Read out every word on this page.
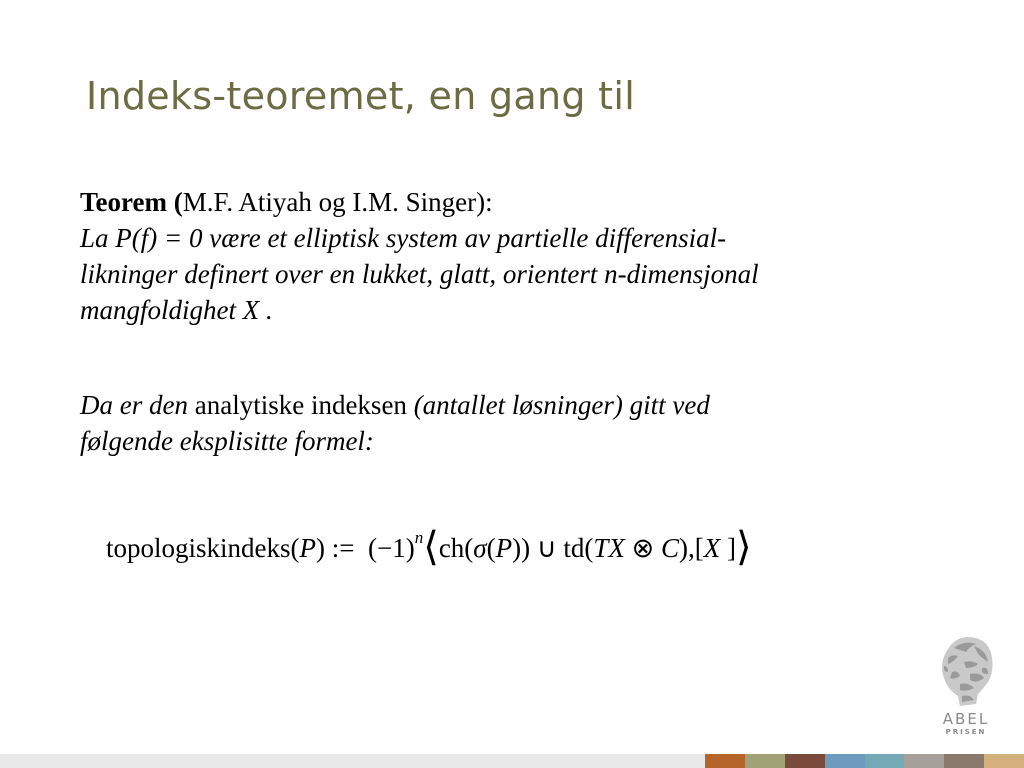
Indeks-teoremet, en gang til

Teorem (M.F. Atiyah og I.M. Singer):

La P(f) = 0 være et elliptisk system av partielle differensial-

likninger definert over en lukket, glatt, orientert n-dimensjonal

mangfoldighet X .

Da er den analytiske indeksen (antallet løsninger) gitt ved

følgende eksplisitte formel:

topologiskindeks(P) :=  $(-1)^n⟨ch(\sigma(P))$ ∪ td(TX ⊗ C),[X ]⟩
ABEL
PRISEN
